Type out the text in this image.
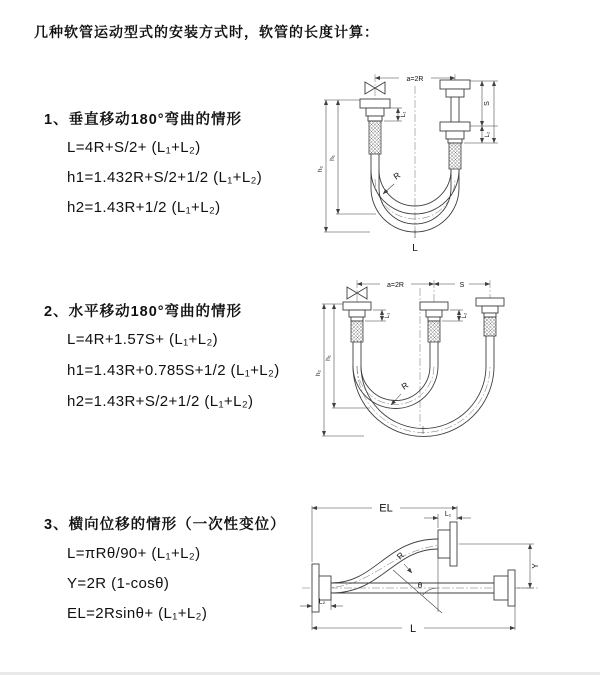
几种软管运动型式的安装方式时，软管的长度计算：
1、垂直移动180°弯曲的情形
L=4R+S/2+ (L₁+L₂)
h1=1.432R+S/2+1/2 (L₁+L₂)
h2=1.43R+1/2 (L₁+L₂)
2、水平移动180°弯曲的情形
L=4R+1.57S+ (L₁+L₂)
h1=1.43R+0.785S+1/2 (L₁+L₂)
h2=1.43R+S/2+1/2 (L₁+L₂)
3、横向位移的情形（一次性变位）
L=πRθ/90+ (L₁+L₂)
Y=2R (1-cosθ)
EL=2Rsinθ+ (L₁+L₂)
a=2R
L₁
S
L₂
h₁
h₂
R
L
a=2R	S
L₁	L₂
h₁
h₂
R
EL	L₁
Y
R
θ
L₂
L
